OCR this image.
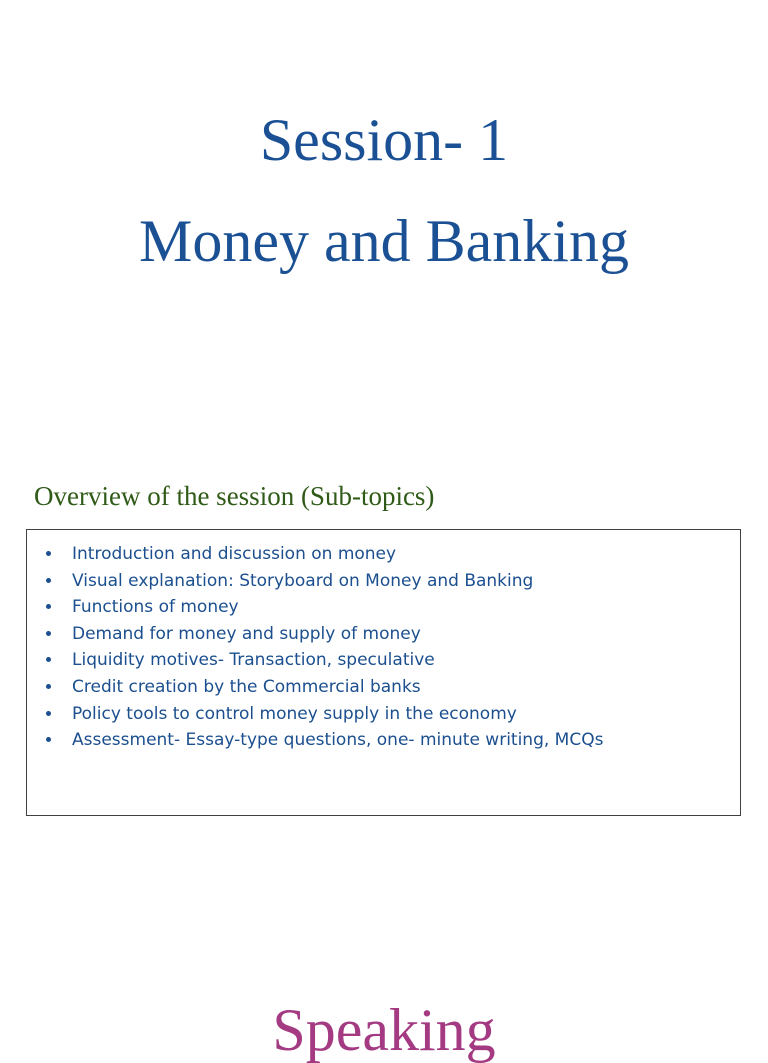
Session- 1
Money and Banking
Overview of the session (Sub-topics)
Introduction and discussion on money
Visual explanation: Storyboard on Money and Banking
Functions of money
Demand for money and supply of money
Liquidity motives- Transaction, speculative
Credit creation by the Commercial banks
Policy tools to control money supply in the economy
Assessment- Essay-type questions, one- minute writing, MCQs
Speaking
